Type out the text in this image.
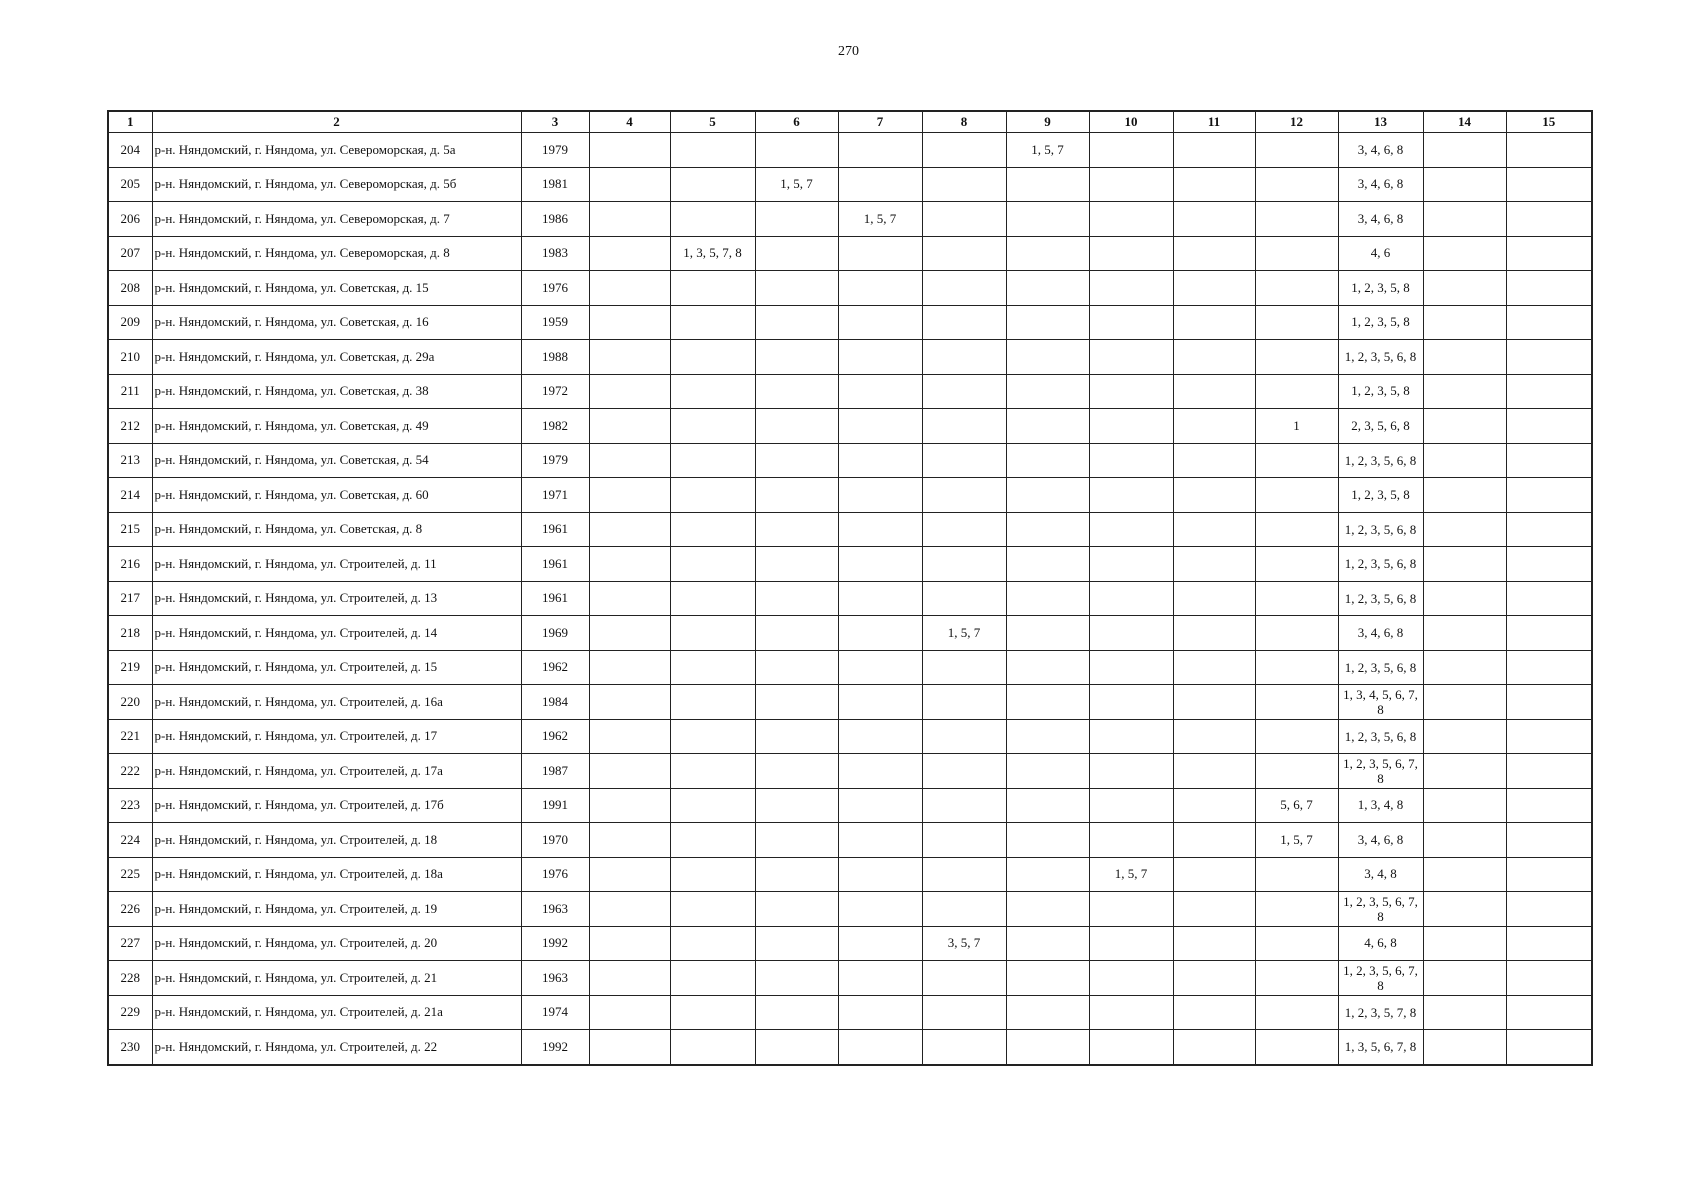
270
1	2	3	4	5	6	7	8	9	10	11	12	13	14	15
204	р-н. Няндомский, г. Няндома, ул. Североморская, д. 5а	1979						1, 5, 7				3, 4, 6, 8		
205	р-н. Няндомский, г. Няндома, ул. Североморская, д. 5б	1981			1, 5, 7							3, 4, 6, 8		
206	р-н. Няндомский, г. Няндома, ул. Североморская, д. 7	1986				1, 5, 7						3, 4, 6, 8		
207	р-н. Няндомский, г. Няндома, ул. Североморская, д. 8	1983		1, 3, 5, 7, 8								4, 6		
208	р-н. Няндомский, г. Няндома, ул. Советская, д. 15	1976										1, 2, 3, 5, 8		
209	р-н. Няндомский, г. Няндома, ул. Советская, д. 16	1959										1, 2, 3, 5, 8		
210	р-н. Няндомский, г. Няндома, ул. Советская, д. 29а	1988										1, 2, 3, 5, 6, 8		
211	р-н. Няндомский, г. Няндома, ул. Советская, д. 38	1972										1, 2, 3, 5, 8		
212	р-н. Няндомский, г. Няндома, ул. Советская, д. 49	1982									1	2, 3, 5, 6, 8		
213	р-н. Няндомский, г. Няндома, ул. Советская, д. 54	1979										1, 2, 3, 5, 6, 8		
214	р-н. Няндомский, г. Няндома, ул. Советская, д. 60	1971										1, 2, 3, 5, 8		
215	р-н. Няндомский, г. Няндома, ул. Советская, д. 8	1961										1, 2, 3, 5, 6, 8		
216	р-н. Няндомский, г. Няндома, ул. Строителей, д. 11	1961										1, 2, 3, 5, 6, 8		
217	р-н. Няндомский, г. Няндома, ул. Строителей, д. 13	1961										1, 2, 3, 5, 6, 8		
218	р-н. Няндомский, г. Няндома, ул. Строителей, д. 14	1969					1, 5, 7					3, 4, 6, 8		
219	р-н. Няндомский, г. Няндома, ул. Строителей, д. 15	1962										1, 2, 3, 5, 6, 8		
220	р-н. Няндомский, г. Няндома, ул. Строителей, д. 16а	1984										1, 3, 4, 5, 6, 7, 8		
221	р-н. Няндомский, г. Няндома, ул. Строителей, д. 17	1962										1, 2, 3, 5, 6, 8		
222	р-н. Няндомский, г. Няндома, ул. Строителей, д. 17а	1987										1, 2, 3, 5, 6, 7, 8		
223	р-н. Няндомский, г. Няндома, ул. Строителей, д. 17б	1991									5, 6, 7	1, 3, 4, 8		
224	р-н. Няндомский, г. Няндома, ул. Строителей, д. 18	1970									1, 5, 7	3, 4, 6, 8		
225	р-н. Няндомский, г. Няндома, ул. Строителей, д. 18а	1976							1, 5, 7			3, 4, 8		
226	р-н. Няндомский, г. Няндома, ул. Строителей, д. 19	1963										1, 2, 3, 5, 6, 7, 8		
227	р-н. Няндомский, г. Няндома, ул. Строителей, д. 20	1992					3, 5, 7					4, 6, 8		
228	р-н. Няндомский, г. Няндома, ул. Строителей, д. 21	1963										1, 2, 3, 5, 6, 7, 8		
229	р-н. Няндомский, г. Няндома, ул. Строителей, д. 21а	1974										1, 2, 3, 5, 7, 8		
230	р-н. Няндомский, г. Няндома, ул. Строителей, д. 22	1992										1, 3, 5, 6, 7, 8		
